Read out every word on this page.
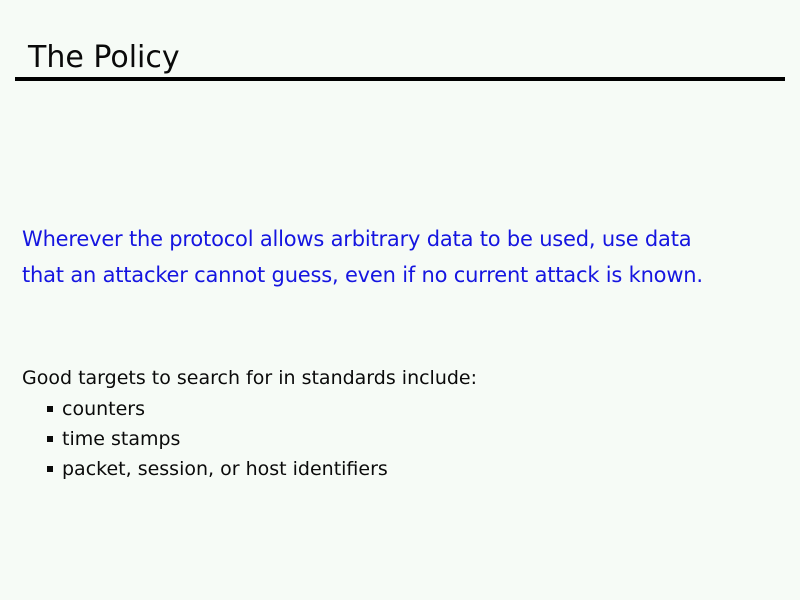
The Policy
Wherever the protocol allows arbitrary data to be used, use data
that an attacker cannot guess, even if no current attack is known.
Good targets to search for in standards include:
counters
time stamps
packet, session, or host identifiers
